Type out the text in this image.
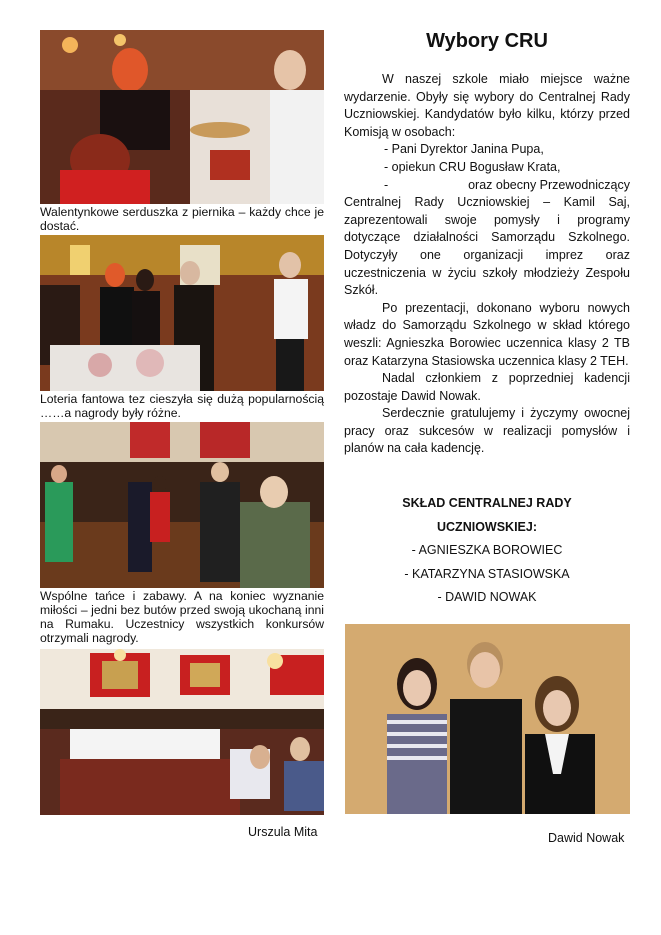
Walentynkowe serduszka z piernika – każdy chce je dostać.
Loteria fantowa tez cieszyła się dużą popularnością ……a nagrody były różne.
Wspólne tańce i zabawy. A na koniec wyznanie miłości – jedni bez butów przed swoją ukochaną inni na Rumaku. Uczestnicy wszystkich konkursów otrzymali nagrody.
Urszula Mita
Wybory CRU

W naszej szkole miało miejsce ważne wydarzenie. Obyły się wybory do Centralnej Rady Uczniowskiej. Kandydatów było kilku, którzy przed Komisją w osobach:

- Pani Dyrektor Janina Pupa,

- opiekun CRU Bogusław Krata,

-	oraz obecny Przewodniczący

Centralnej Rady Uczniowskiej – Kamil Saj, zaprezentowali swoje pomysły i programy dotyczące działalności Samorządu Szkolnego. Dotyczyły one organizacji imprez oraz uczestniczenia w życiu szkoły młodzieży Zespołu Szkół.

Po prezentacji, dokonano wyboru nowych władz do Samorządu Szkolnego w skład którego weszli: Agnieszka Borowiec uczennica klasy 2 TB oraz Katarzyna Stasiowska uczennica klasy 2 TEH.

Nadal członkiem z poprzedniej kadencji pozostaje Dawid Nowak.

Serdecznie gratulujemy i życzymy owocnej pracy oraz sukcesów w realizacji pomysłów i planów na cała kadencję.

SKŁAD CENTRALNEJ RADY
UCZNIOWSKIEJ:
- AGNIESZKA BOROWIEC
- KATARZYNA STASIOWSKA
- DAWID NOWAK
Dawid Nowak
